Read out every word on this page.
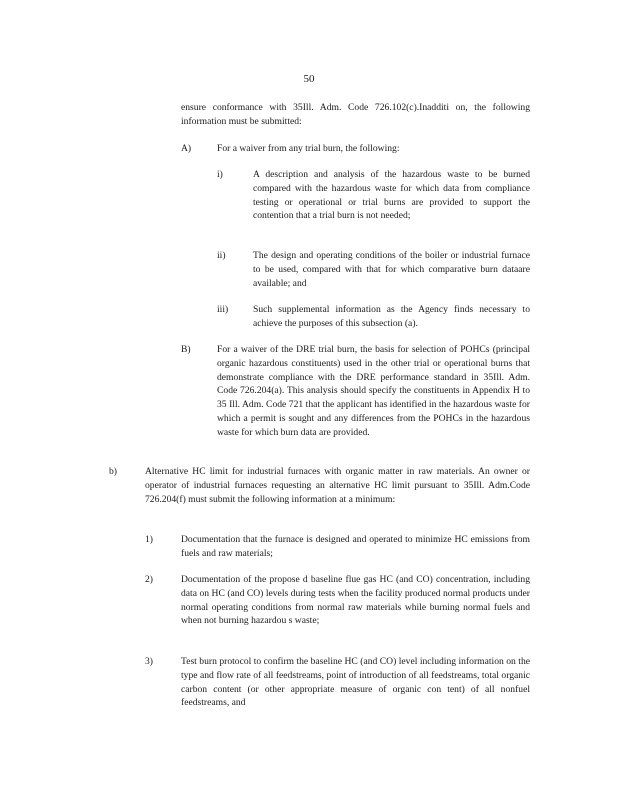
50

ensure conformance with 35Ill. Adm. Code 726.102(c).Inadditi on, the following information must be submitted:

A)	For a waiver from any trial burn, the following:

i)	A description and analysis of the hazardous waste to be burned compared with the hazardous waste for which data from compliance testing or operational or trial burns are provided to support the contention that a trial burn is not needed;

ii)	The design and operating conditions of the boiler or industrial furnace to be used, compared with that for which comparative burn dataare available; and

iii)	Such supplemental information as the Agency finds necessary to achieve the purposes of this subsection (a).

B)	For a waiver of the DRE trial burn, the basis for selection of POHCs (principal organic hazardous constituents) used in the other trial or operational burns that demonstrate compliance with the DRE performance standard in 35Ill. Adm. Code 726.204(a). This analysis should specify the constituents in Appendix H to 35 Ill. Adm. Code 721 that the applicant has identified in the hazardous waste for which a permit is sought and any differences from the POHCs in the hazardous waste for which burn data are provided.

b)	Alternative HC limit for industrial furnaces with organic matter in raw materials. An owner or operator of industrial furnaces requesting an alternative HC limit pursuant to 35Ill. Adm.Code 726.204(f) must submit the following information at a minimum:

1)	Documentation that the furnace is designed and operated to minimize HC emissions from fuels and raw materials;

2)	Documentation of the propose d baseline flue gas HC (and CO) concentration, including data on HC (and CO) levels during tests when the facility produced normal products under normal operating conditions from normal raw materials while burning normal fuels and when not burning hazardou s waste;

3)	Test burn protocol to confirm the baseline HC (and CO) level including information on the type and flow rate of all feedstreams, point of introduction of all feedstreams, total organic carbon content (or other appropriate measure of organic con tent) of all nonfuel feedstreams, and
